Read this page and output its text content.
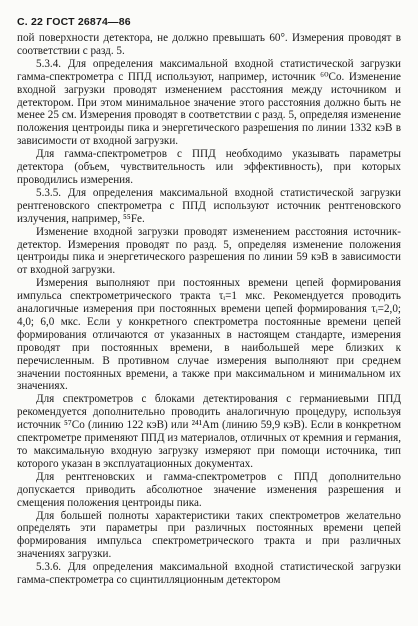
С. 22 ГОСТ 26874—86

пой поверхности детектора, не должно превышать 60°. Измерения проводят в соответствии с разд. 5.

5.3.4. Для определения максимальной входной статистической загрузки гамма-спектрометра с ППД используют, например, источник ⁶⁰Co. Изменение входной загрузки проводят изменением расстояния между источником и детектором. При этом минимальное значение этого расстояния должно быть не менее 25 см. Измерения проводят в соответствии с разд. 5, определяя изменение положения центроиды пика и энергетического разрешения по линии 1332 кэВ в зависимости от входной загрузки.

Для гамма-спектрометров с ППД необходимо указывать параметры детектора (объем, чувствительность или эффективность), при которых проводились измерения.

5.3.5. Для определения максимальной входной статистической загрузки рентгеновского спектрометра с ППД используют источник рентгеновского излучения, например, ⁵⁵Fe.

Изменение входной загрузки проводят изменением расстояния источник-детектор. Измерения проводят по разд. 5, определяя изменение положения центроиды пика и энергетического разрешения по линии 59 кэВ в зависимости от входной загрузки.

Измерения выполняют при постоянных времени цепей формирования импульса спектрометрического тракта τᵢ=1 мкс. Рекомендуется проводить аналогичные измерения при постоянных времени цепей формирования τᵢ=2,0; 4,0; 6,0 мкс. Если у конкретного спектрометра постоянные времени цепей формирования отличаются от указанных в настоящем стандарте, измерения проводят при постоянных времени, в наибольшей мере близких к перечисленным. В противном случае измерения выполняют при среднем значении постоянных времени, а также при максимальном и минимальном их значениях.

Для спектрометров с блоками детектирования с германиевыми ППД рекомендуется дополнительно проводить аналогичную процедуру, используя источник ⁵⁷Co (линию 122 кэВ) или ²⁴¹Am (линию 59,9 кэВ). Если в конкретном спектрометре применяют ППД из материалов, отличных от кремния и германия, то максимальную входную загрузку измеряют при помощи источника, тип которого указан в эксплуатационных документах.

Для рентгеновских и гамма-спектрометров с ППД дополнительно допускается приводить абсолютное значение изменения разрешения и смещения положения центроиды пика.

Для большей полноты характеристики таких спектрометров желательно определять эти параметры при различных постоянных времени цепей формирования импульса спектрометрического тракта и при различных значениях загрузки.

5.3.6. Для определения максимальной входной статистической загрузки гамма-спектрометра со сцинтилляционным детектором
